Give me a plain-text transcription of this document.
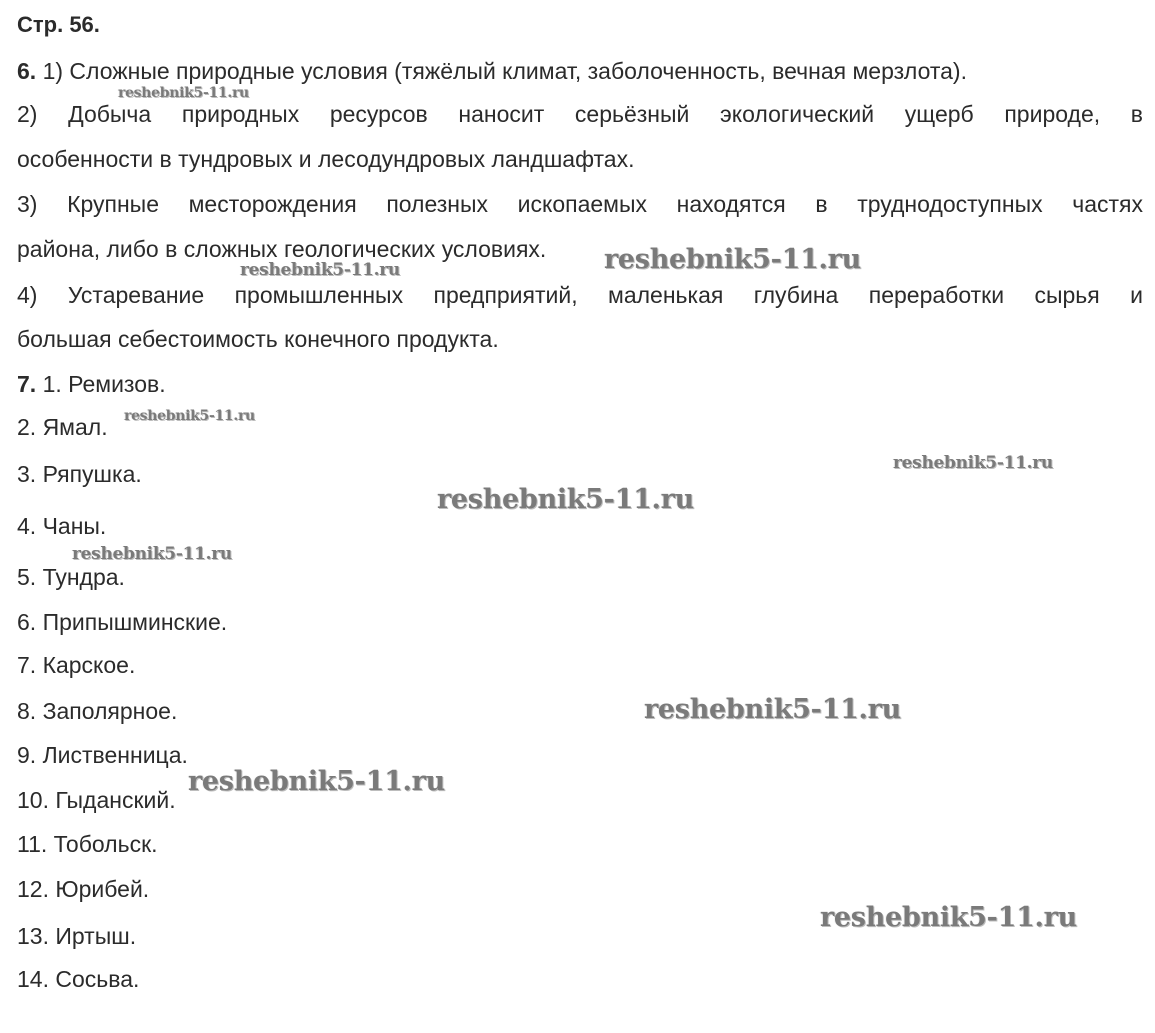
Стр. 56.
6. 1) Сложные природные условия (тяжёлый климат, заболоченность, вечная мерзлота).
2) Добыча природных ресурсов наносит серьёзный экологический ущерб природе, в
особенности в тундровых и лесодундровых ландшафтах.
3) Крупные месторождения полезных ископаемых находятся в труднодоступных частях
района, либо в сложных геологических условиях.
4) Устаревание промышленных предприятий, маленькая глубина переработки сырья и
большая себестоимость конечного продукта.
7. 1. Ремизов.
2. Ямал.
3. Ряпушка.
4. Чаны.
5. Тундра.
6. Припышминские.
7. Карское.
8. Заполярное.
9. Лиственница.
10. Гыданский.
11. Тобольск.
12. Юрибей.
13. Иртыш.
14. Сосьва.
reshebnik5-11.ru
reshebnik5-11.ru
reshebnik5-11.ru
reshebnik5-11.ru
reshebnik5-11.ru
reshebnik5-11.ru
reshebnik5-11.ru
reshebnik5-11.ru
reshebnik5-11.ru
reshebnik5-11.ru
